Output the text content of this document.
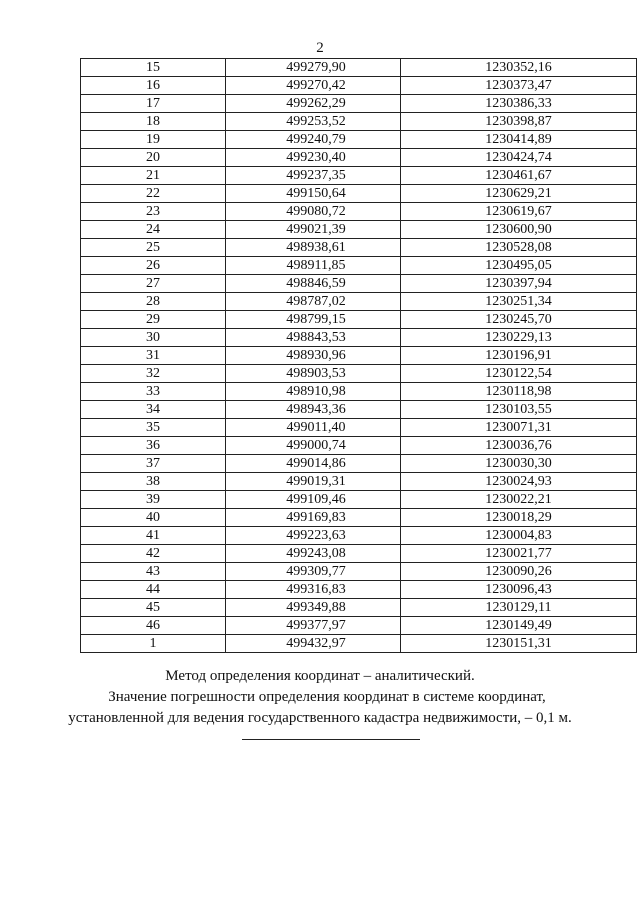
2
15	499279,90	1230352,16
16	499270,42	1230373,47
17	499262,29	1230386,33
18	499253,52	1230398,87
19	499240,79	1230414,89
20	499230,40	1230424,74
21	499237,35	1230461,67
22	499150,64	1230629,21
23	499080,72	1230619,67
24	499021,39	1230600,90
25	498938,61	1230528,08
26	498911,85	1230495,05
27	498846,59	1230397,94
28	498787,02	1230251,34
29	498799,15	1230245,70
30	498843,53	1230229,13
31	498930,96	1230196,91
32	498903,53	1230122,54
33	498910,98	1230118,98
34	498943,36	1230103,55
35	499011,40	1230071,31
36	499000,74	1230036,76
37	499014,86	1230030,30
38	499019,31	1230024,93
39	499109,46	1230022,21
40	499169,83	1230018,29
41	499223,63	1230004,83
42	499243,08	1230021,77
43	499309,77	1230090,26
44	499316,83	1230096,43
45	499349,88	1230129,11
46	499377,97	1230149,49
1	499432,97	1230151,31

Метод определения координат – аналитический.

Значение погрешности определения координат в системе координат,

установленной для ведения государственного кадастра недвижимости, – 0,1 м.
